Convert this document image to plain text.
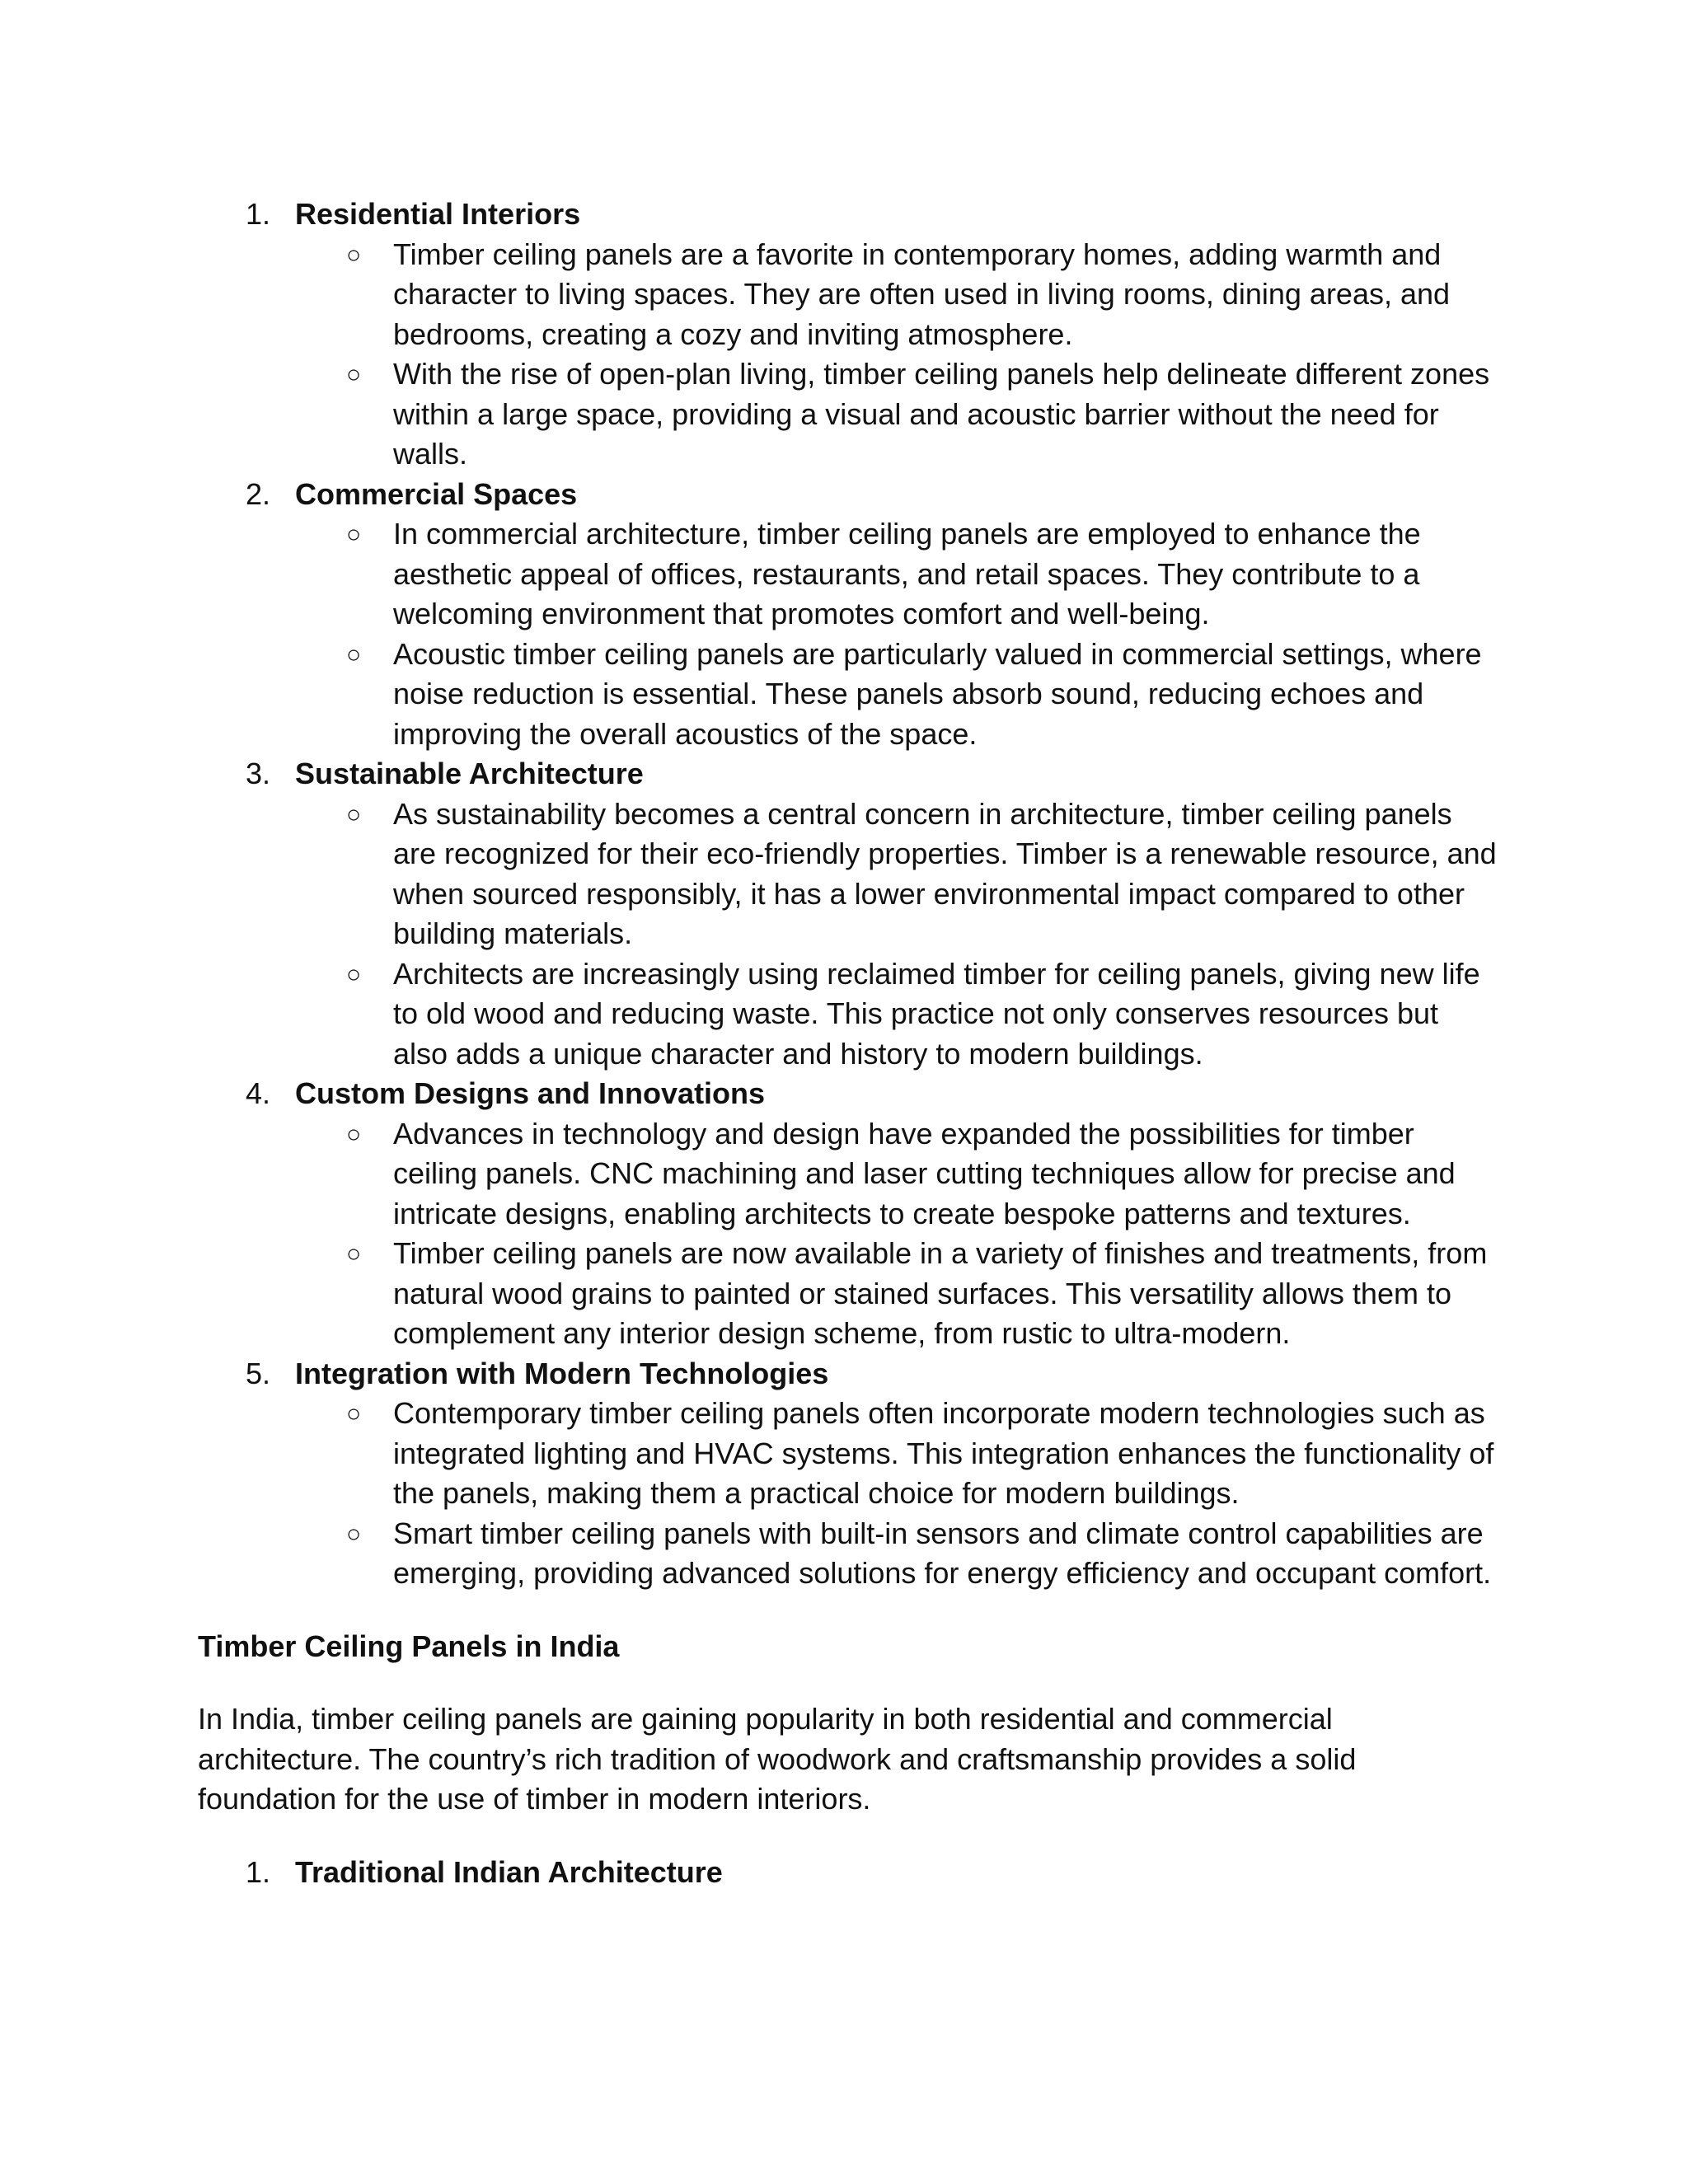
1. Residential Interiors
○ Timber ceiling panels are a favorite in contemporary homes, adding warmth and character to living spaces. They are often used in living rooms, dining areas, and bedrooms, creating a cozy and inviting atmosphere.
○ With the rise of open-plan living, timber ceiling panels help delineate different zones within a large space, providing a visual and acoustic barrier without the need for walls.
2. Commercial Spaces
○ In commercial architecture, timber ceiling panels are employed to enhance the aesthetic appeal of offices, restaurants, and retail spaces. They contribute to a welcoming environment that promotes comfort and well-being.
○ Acoustic timber ceiling panels are particularly valued in commercial settings, where noise reduction is essential. These panels absorb sound, reducing echoes and improving the overall acoustics of the space.
3. Sustainable Architecture
○ As sustainability becomes a central concern in architecture, timber ceiling panels are recognized for their eco-friendly properties. Timber is a renewable resource, and when sourced responsibly, it has a lower environmental impact compared to other building materials.
○ Architects are increasingly using reclaimed timber for ceiling panels, giving new life to old wood and reducing waste. This practice not only conserves resources but also adds a unique character and history to modern buildings.
4. Custom Designs and Innovations
○ Advances in technology and design have expanded the possibilities for timber ceiling panels. CNC machining and laser cutting techniques allow for precise and intricate designs, enabling architects to create bespoke patterns and textures.
○ Timber ceiling panels are now available in a variety of finishes and treatments, from natural wood grains to painted or stained surfaces. This versatility allows them to complement any interior design scheme, from rustic to ultra-modern.
5. Integration with Modern Technologies
○ Contemporary timber ceiling panels often incorporate modern technologies such as integrated lighting and HVAC systems. This integration enhances the functionality of the panels, making them a practical choice for modern buildings.
○ Smart timber ceiling panels with built-in sensors and climate control capabilities are emerging, providing advanced solutions for energy efficiency and occupant comfort.
Timber Ceiling Panels in India
In India, timber ceiling panels are gaining popularity in both residential and commercial architecture. The country’s rich tradition of woodwork and craftsmanship provides a solid foundation for the use of timber in modern interiors.
1. Traditional Indian Architecture
